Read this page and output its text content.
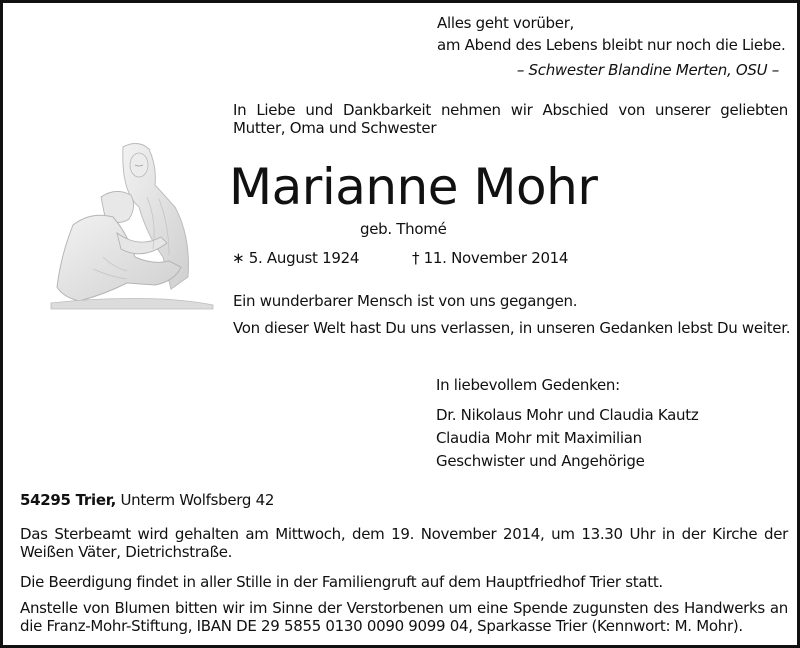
Alles geht vorüber,
am Abend des Lebens bleibt nur noch die Liebe.
– Schwester Blandine Merten, OSU –
In Liebe und Dankbarkeit nehmen wir Abschied von unserer geliebten Mutter, Oma und Schwester
Marianne Mohr
geb. Thomé
∗ 5. August 1924	† 11. November 2014
Ein wunderbarer Mensch ist von uns gegangen.
Von dieser Welt hast Du uns verlassen, in unseren Gedanken lebst Du weiter.
In liebevollem Gedenken:
Dr. Nikolaus Mohr und Claudia Kautz
Claudia Mohr mit Maximilian
Geschwister und Angehörige
54295 Trier, Unterm Wolfsberg 42
Das Sterbeamt wird gehalten am Mittwoch, dem 19. November 2014, um 13.30 Uhr in der Kirche der Weißen Väter, Dietrichstraße.
Die Beerdigung findet in aller Stille in der Familiengruft auf dem Hauptfriedhof Trier statt.
Anstelle von Blumen bitten wir im Sinne der Verstorbenen um eine Spende zugunsten des Handwerks an die Franz-Mohr-Stiftung, IBAN DE 29 5855 0130 0090 9099 04, Sparkasse Trier (Kennwort: M. Mohr).
